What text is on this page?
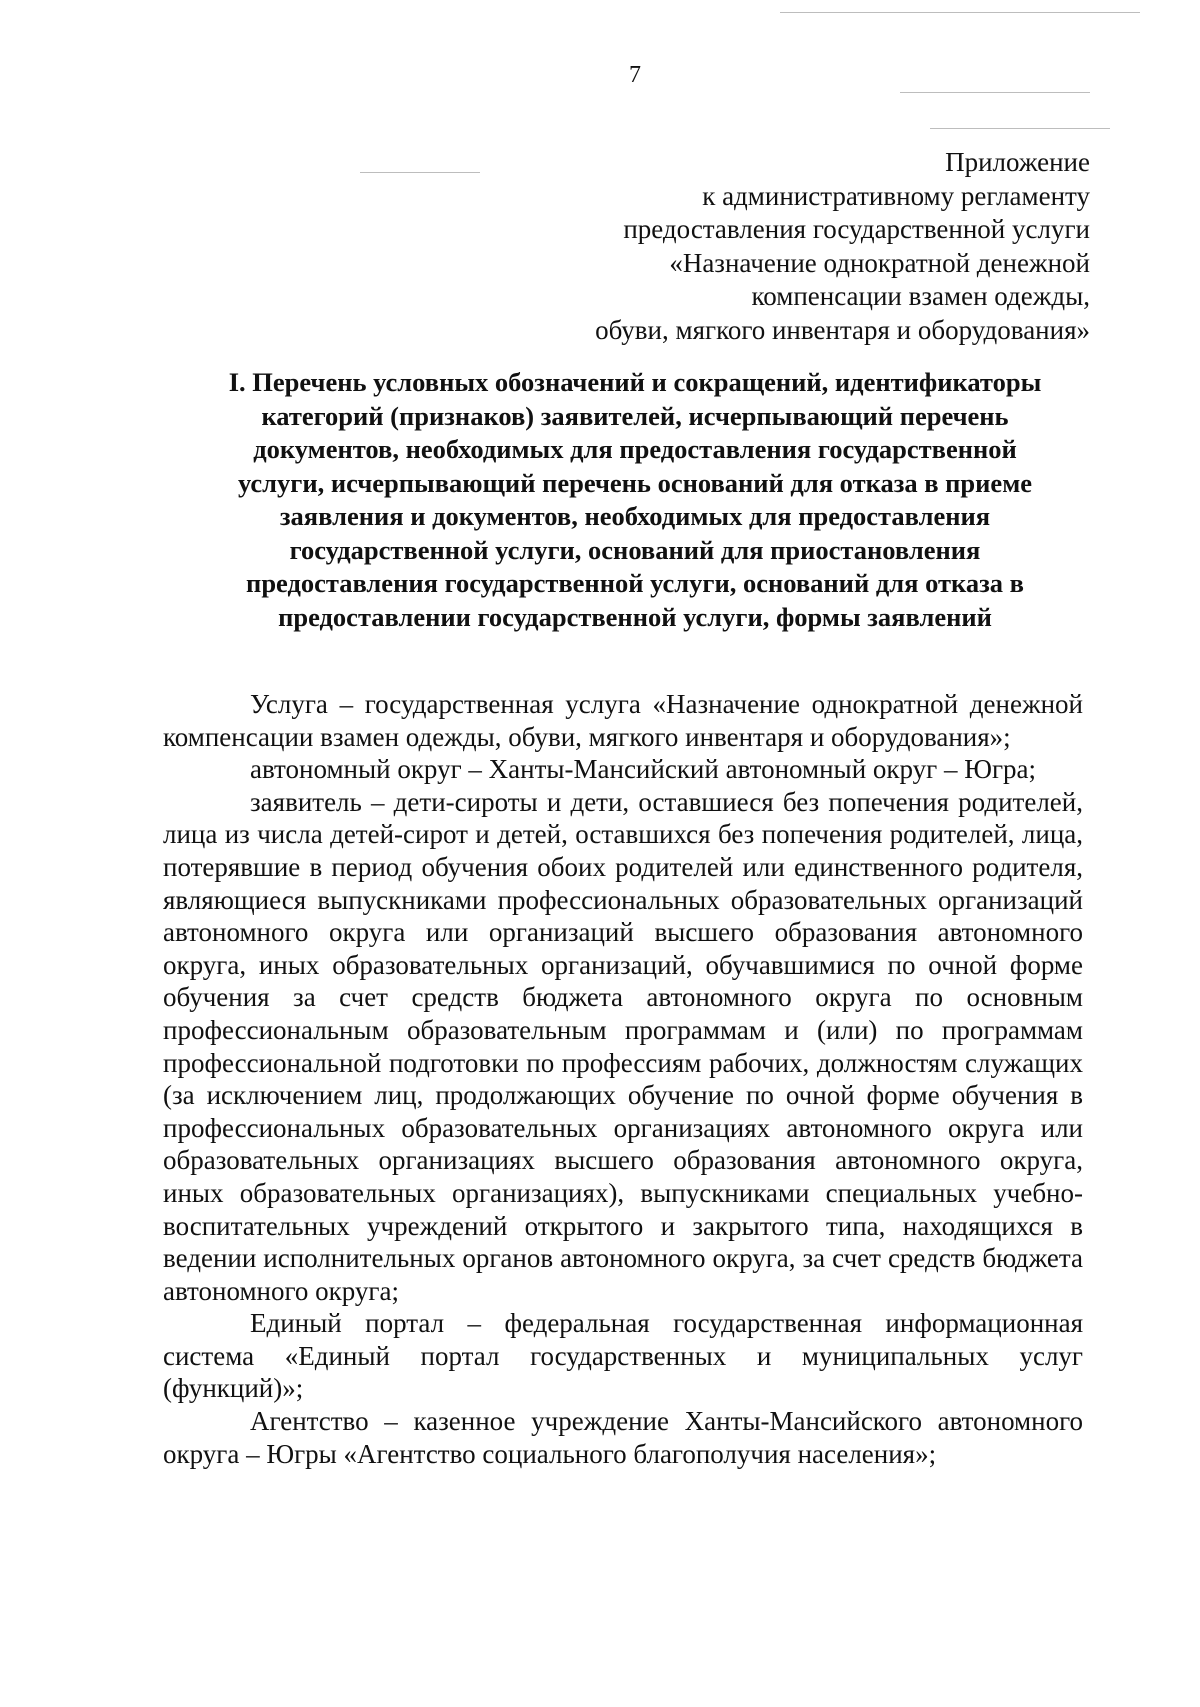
7
Приложение
к административному регламенту
предоставления государственной услуги
«Назначение однократной денежной
компенсации взамен одежды,
обуви, мягкого инвентаря и оборудования»
I. Перечень условных обозначений и сокращений, идентификаторы
категорий (признаков) заявителей, исчерпывающий перечень
документов, необходимых для предоставления государственной
услуги, исчерпывающий перечень оснований для отказа в приеме
заявления и документов, необходимых для предоставления
государственной услуги, оснований для приостановления
предоставления государственной услуги, оснований для отказа в
предоставлении государственной услуги, формы заявлений

Услуга – государственная услуга «Назначение однократной денежной компенсации взамен одежды, обуви, мягкого инвентаря и оборудования»;

автономный округ – Ханты-Мансийский автономный округ – Югра;

заявитель – дети-сироты и дети, оставшиеся без попечения родителей, лица из числа детей-сирот и детей, оставшихся без попечения родителей, лица, потерявшие в период обучения обоих родителей или единственного родителя, являющиеся выпускниками профессиональных образовательных организаций автономного округа или организаций высшего образования автономного округа, иных образовательных организаций, обучавшимися по очной форме обучения за счет средств бюджета автономного округа по основным профессиональным образовательным программам и (или) по программам профессиональной подготовки по профессиям рабочих, должностям служащих (за исключением лиц, продолжающих обучение по очной форме обучения в профессиональных образовательных организациях автономного округа или образовательных организациях высшего образования автономного округа, иных образовательных организациях), выпускниками специальных учебно-воспитательных учреждений открытого и закрытого типа, находящихся в ведении исполнительных органов автономного округа, за счет средств бюджета автономного округа;

Единый портал – федеральная государственная информационная система «Единый портал государственных и муниципальных услуг (функций)»;

Агентство – казенное учреждение Ханты-Мансийского автономного округа – Югры «Агентство социального благополучия населения»;
